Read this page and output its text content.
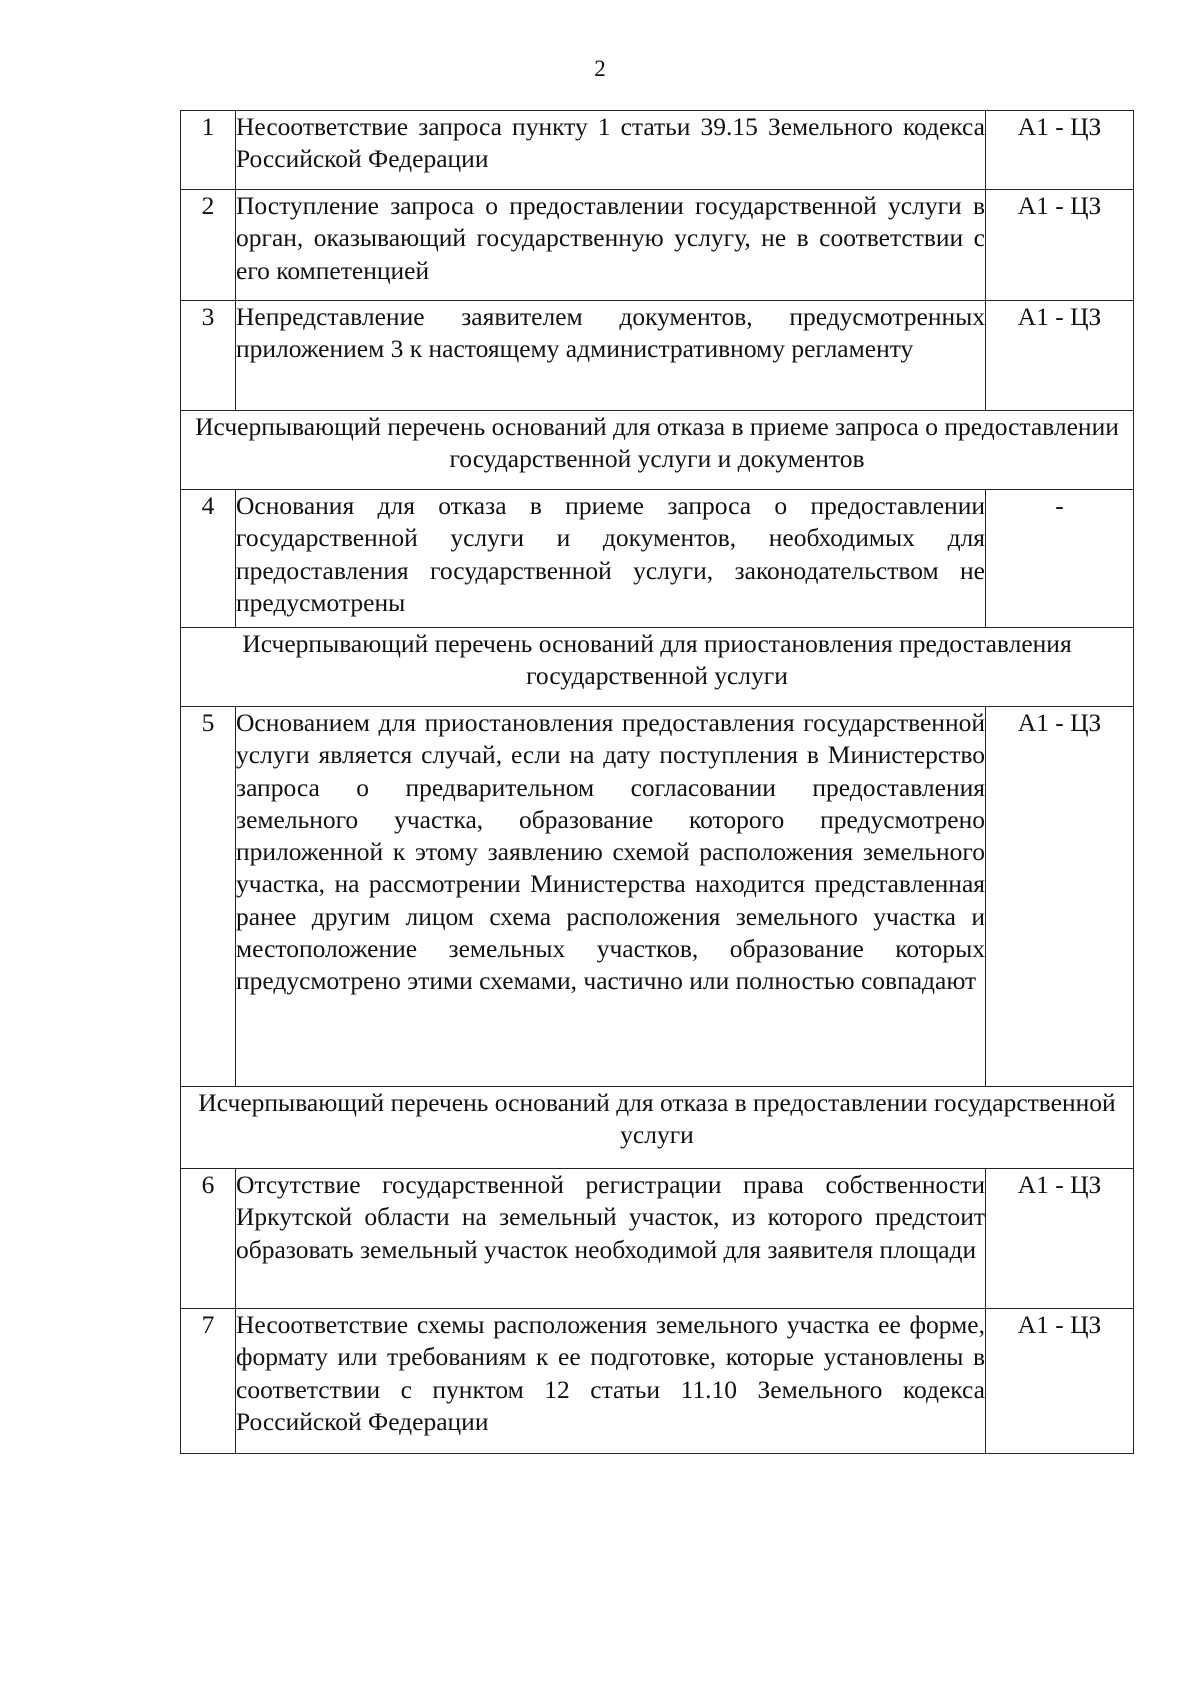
2
1	Несоответствие запроса пункту 1 статьи 39.15 Земельного кодекса Российской Федерации	А1 - ЦЗ
2	Поступление запроса о предоставлении государственной услуги в орган, оказывающий государственную услугу, не в соответствии с его компетенцией	А1 - ЦЗ
3	Непредставление заявителем документов, предусмотренных приложением 3 к настоящему административному регламенту	А1 - ЦЗ
Исчерпывающий перечень оснований для отказа в приеме запроса о предоставлении государственной услуги и документов		
4	Основания для отказа в приеме запроса о предоставлении государственной услуги и документов, необходимых для предоставления государственной услуги, законодательством не предусмотрены	-
Исчерпывающий перечень оснований для приостановления предоставления государственной услуги		
5	Основанием для приостановления предоставления государственной услуги является случай, если на дату поступления в Министерство запроса о предварительном согласовании предоставления земельного участка, образование которого предусмотрено приложенной к этому заявлению схемой расположения земельного участка, на рассмотрении Министерства находится представленная ранее другим лицом схема расположения земельного участка и местоположение земельных участков, образование которых предусмотрено этими схемами, частично или полностью совпадают	А1 - ЦЗ
Исчерпывающий перечень оснований для отказа в предоставлении государственной услуги		
6	Отсутствие государственной регистрации права собственности Иркутской области на земельный участок, из которого предстоит образовать земельный участок необходимой для заявителя площади	А1 - ЦЗ
7	Несоответствие схемы расположения земельного участка ее форме, формату или требованиям к ее подготовке, которые установлены в соответствии с пунктом 12 статьи 11.10 Земельного кодекса Российской Федерации	А1 - ЦЗ
